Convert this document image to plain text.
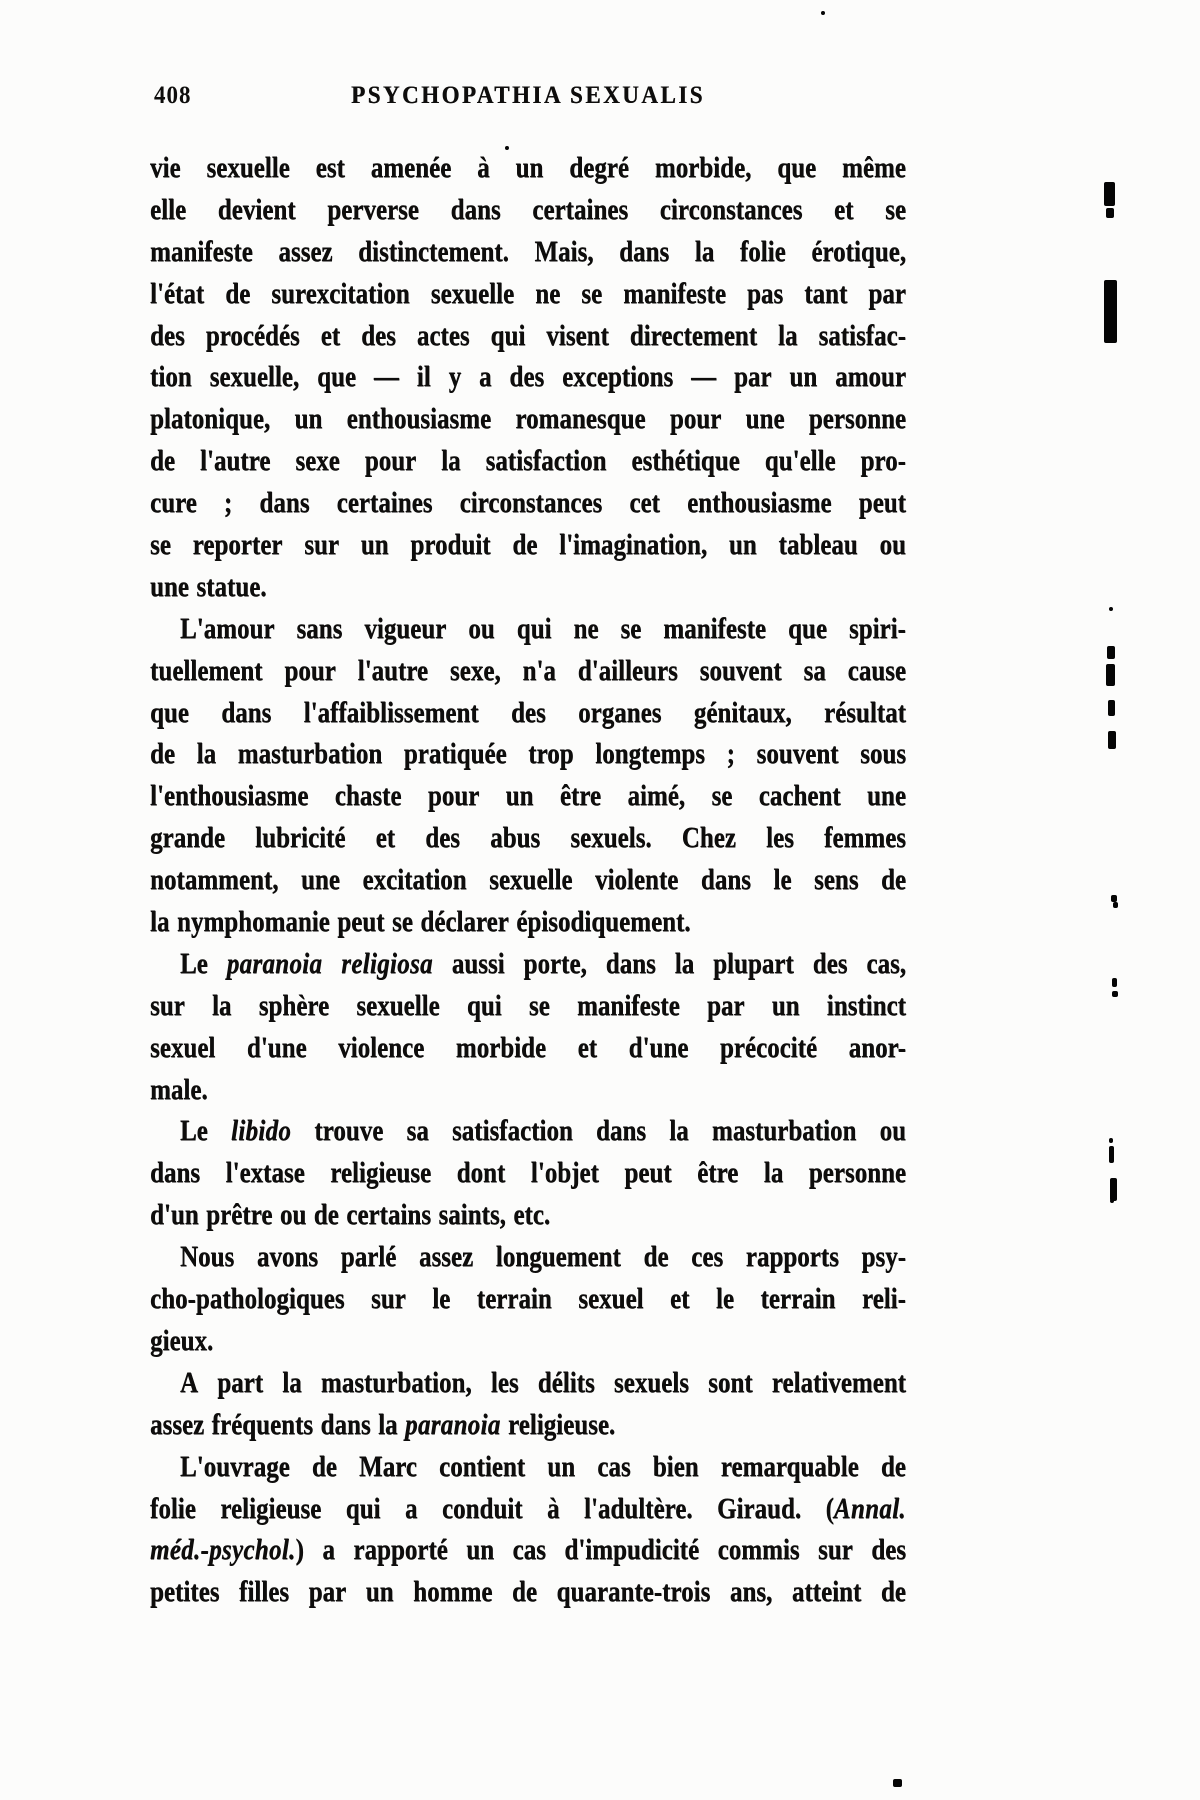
408	PSYCHOPATHIA SEXUALIS
vie sexuelle est amenée à un degré morbide, que même
elle devient perverse dans certaines circonstances et se
manifeste assez distinctement. Mais, dans la folie érotique,
l'état de surexcitation sexuelle ne se manifeste pas tant par
des procédés et des actes qui visent directement la satisfac-
tion sexuelle, que — il y a des exceptions — par un amour
platonique, un enthousiasme romanesque pour une personne
de l'autre sexe pour la satisfaction esthétique qu'elle pro-
cure ; dans certaines circonstances cet enthousiasme peut
se reporter sur un produit de l'imagination, un tableau ou
une statue.
L'amour sans vigueur ou qui ne se manifeste que spiri-
tuellement pour l'autre sexe, n'a d'ailleurs souvent sa cause
que dans l'affaiblissement des organes génitaux, résultat
de la masturbation pratiquée trop longtemps ; souvent sous
l'enthousiasme chaste pour un être aimé, se cachent une
grande lubricité et des abus sexuels. Chez les femmes
notamment, une excitation sexuelle violente dans le sens de
la nymphomanie peut se déclarer épisodiquement.
Le paranoia religiosa aussi porte, dans la plupart des cas,
sur la sphère sexuelle qui se manifeste par un instinct
sexuel d'une violence morbide et d'une précocité anor-
male.
Le libido trouve sa satisfaction dans la masturbation ou
dans l'extase religieuse dont l'objet peut être la personne
d'un prêtre ou de certains saints, etc.
Nous avons parlé assez longuement de ces rapports psy-
cho-pathologiques sur le terrain sexuel et le terrain reli-
gieux.
A part la masturbation, les délits sexuels sont relativement
assez fréquents dans la paranoia religieuse.
L'ouvrage de Marc contient un cas bien remarquable de
folie religieuse qui a conduit à l'adultère. Giraud. (Annal.
méd.-psychol.) a rapporté un cas d'impudicité commis sur des
petites filles par un homme de quarante-trois ans, atteint de
